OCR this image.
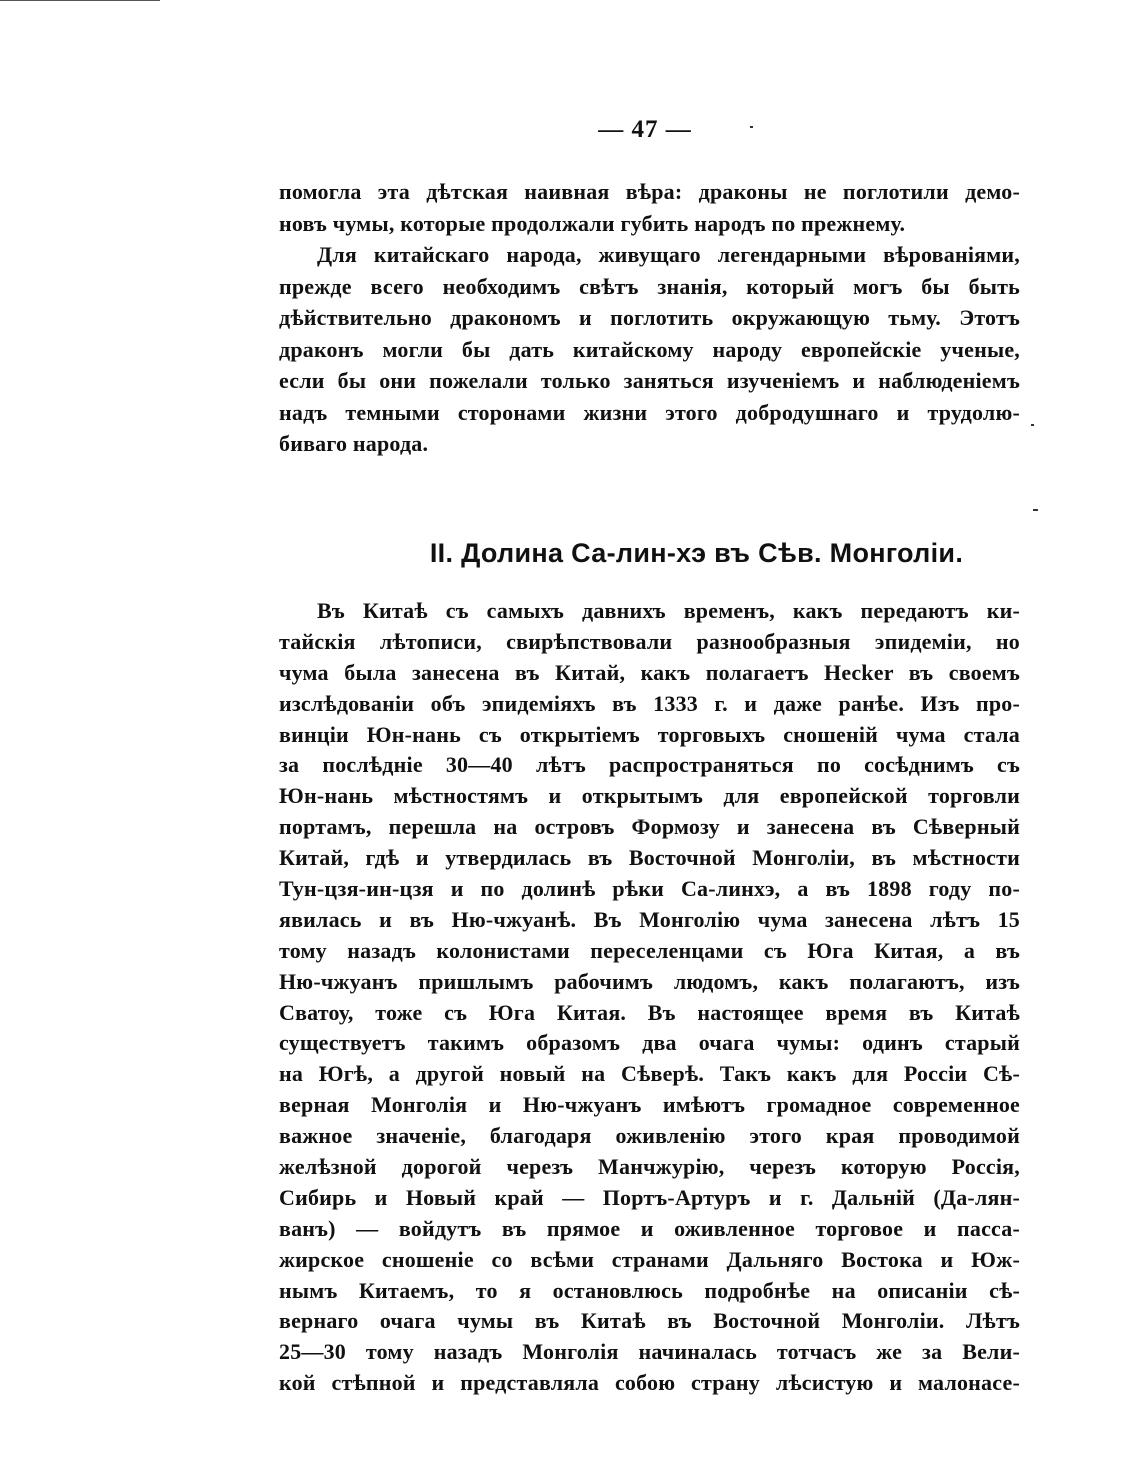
— 47 —
помогла эта дѣтская наивная вѣра: драконы не поглотили демо-
новъ чумы, которые продолжали губить народъ по прежнему.
Для китайскаго народа, живущаго легендарными вѣрованіями,
прежде всего необходимъ свѣтъ знанія, который могъ бы быть
дѣйствительно дракономъ и поглотить окружающую тьму. Этотъ
драконъ могли бы дать китайскому народу европейскіе ученые,
если бы они пожелали только заняться изученіемъ и наблюденіемъ
надъ темными сторонами жизни этого добродушнаго и трудолю-
биваго народа.
II. Долина Са-лин-хэ въ Сѣв. Монголіи.
Въ Китаѣ съ самыхъ давнихъ временъ, какъ передаютъ ки-
тайскія лѣтописи, свирѣпствовали разнообразныя эпидеміи, но
чума была занесена въ Китай, какъ полагаетъ Hecker въ своемъ
изслѣдованіи объ эпидеміяхъ въ 1333 г. и даже ранѣе. Изъ про-
винціи Юн-нань съ открытіемъ торговыхъ сношеній чума стала
за послѣдніе 30—40 лѣтъ распространяться по сосѣднимъ съ
Юн-нань мѣстностямъ и открытымъ для европейской торговли
портамъ, перешла на островъ Формозу и занесена въ Сѣверный
Китай, гдѣ и утвердилась въ Восточной Монголіи, въ мѣстности
Тун-цзя-ин-цзя и по долинѣ рѣки Са-линхэ, а въ 1898 году по-
явилась и въ Ню-чжуанѣ. Въ Монголію чума занесена лѣтъ 15
тому назадъ колонистами переселенцами съ Юга Китая, а въ
Ню-чжуанъ пришлымъ рабочимъ людомъ, какъ полагаютъ, изъ
Сватоу, тоже съ Юга Китая. Въ настоящее время въ Китаѣ
существуетъ такимъ образомъ два очага чумы: одинъ старый
на Югѣ, а другой новый на Сѣверѣ. Такъ какъ для Россіи Сѣ-
верная Монголія и Ню-чжуанъ имѣютъ громадное современное
важное значеніе, благодаря оживленію этого края проводимой
желѣзной дорогой черезъ Манчжурію, черезъ которую Россія,
Сибирь и Новый край — Портъ-Артуръ и г. Дальній (Да-лян-
ванъ) — войдутъ въ прямое и оживленное торговое и пасса-
жирское сношеніе со всѣми странами Дальняго Востока и Юж-
нымъ Китаемъ, то я остановлюсь подробнѣе на описаніи сѣ-
вернаго очага чумы въ Китаѣ въ Восточной Монголіи. Лѣтъ
25—30 тому назадъ Монголія начиналась тотчасъ же за Вели-
кой стѣпной и представляла собою страну лѣсистую и малонасе-
